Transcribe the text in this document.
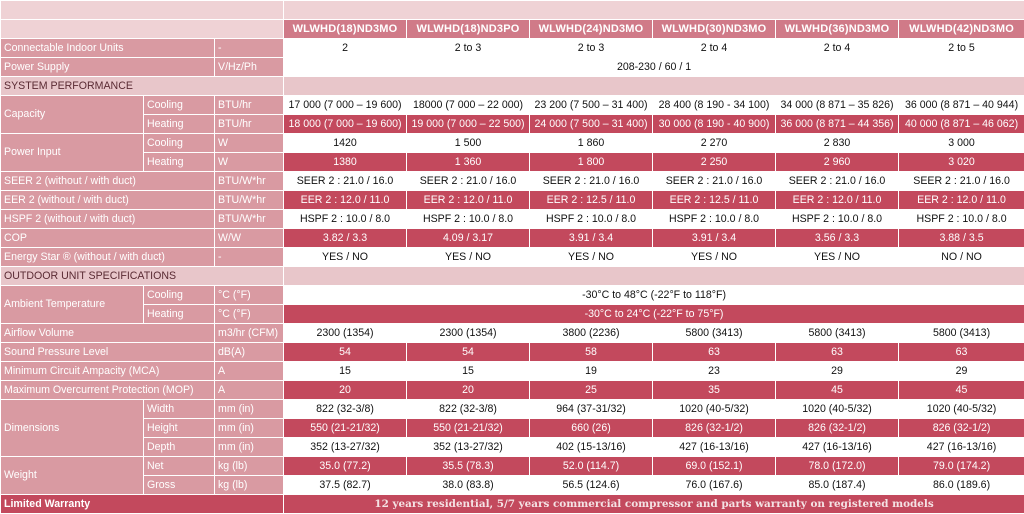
			WLWHD(18)ND3MO	WLWHD(18)ND3PO	WLWHD(24)ND3MO	WLWHD(30)ND3MO	WLWHD(36)ND3MO	WLWHD(42)ND3MO
Connectable Indoor Units		-	2	2 to 3	2 to 3	2 to 4	2 to 4	2 to 5
Power Supply		V/Hz/Ph	208-230 / 60 / 1					
SYSTEM PERFORMANCE								
Capacity	Cooling	BTU/hr	17 000 (7 000 – 19 600)	18000 (7 000 – 22 000)	23 200 (7 500 – 31 400)	28 400 (8 190 - 34 100)	34 000 (8 871 – 35 826)	36 000 (8 871 – 40 944)
	Heating	BTU/hr	18 000 (7 000 – 19 600)	19 000 (7 000 – 22 500)	24 000 (7 500 – 31 400)	30 000 (8 190 - 40 900)	36 000 (8 871 – 44 356)	40 000 (8 871 – 46 062)
Power Input	Cooling	W	1420	1 500	1 860	2 270	2 830	3 000
	Heating	W	1380	1 360	1 800	2 250	2 960	3 020
SEER 2 (without / with duct)		BTU/W*hr	SEER 2 : 21.0 / 16.0	SEER 2 : 21.0 / 16.0	SEER 2 : 21.0 / 16.0	SEER 2 : 21.0 / 16.0	SEER 2 : 21.0 / 16.0	SEER 2 : 21.0 / 16.0
EER 2 (without / with duct)		BTU/W*hr	EER 2 : 12.0 / 11.0	EER 2 : 12.0 / 11.0	EER 2 : 12.5 / 11.0	EER 2 : 12.5 / 11.0	EER 2 : 12.0 / 11.0	EER 2 : 12.0 / 11.0
HSPF 2 (without / with duct)		BTU/W*hr	HSPF 2 : 10.0 / 8.0	HSPF 2 : 10.0 / 8.0	HSPF 2 : 10.0 / 8.0	HSPF 2 : 10.0 / 8.0	HSPF 2 : 10.0 / 8.0	HSPF 2 : 10.0 / 8.0
COP		W/W	3.82 / 3.3	4.09 / 3.17	3.91 / 3.4	3.91 / 3.4	3.56 / 3.3	3.88 / 3.5
Energy Star ® (without / with duct)		-	YES / NO	YES / NO	YES / NO	YES / NO	YES / NO	NO / NO
OUTDOOR UNIT SPECIFICATIONS								
Ambient Temperature	Cooling	°C (°F)	-30°C to 48°C (-22°F to 118°F)					
	Heating	°C (°F)	-30°C to 24°C (-22°F to 75°F)					
Airflow Volume		m3/hr (CFM)	2300 (1354)	2300 (1354)	3800 (2236)	5800 (3413)	5800 (3413)	5800 (3413)
Sound Pressure Level		dB(A)	54	54	58	63	63	63
Minimum Circuit Ampacity (MCA)		A	15	15	19	23	29	29
Maximum Overcurrent Protection (MOP)		A	20	20	25	35	45	45
Dimensions	Width	mm (in)	822 (32-3/8)	822 (32-3/8)	964 (37-31/32)	1020 (40-5/32)	1020 (40-5/32)	1020 (40-5/32)
	Height	mm (in)	550 (21-21/32)	550 (21-21/32)	660 (26)	826 (32-1/2)	826 (32-1/2)	826 (32-1/2)
	Depth	mm (in)	352 (13-27/32)	352 (13-27/32)	402 (15-13/16)	427 (16-13/16)	427 (16-13/16)	427 (16-13/16)
Weight	Net	kg (lb)	35.0 (77.2)	35.5 (78.3)	52.0 (114.7)	69.0 (152.1)	78.0 (172.0)	79.0 (174.2)
	Gross	kg (lb)	37.5 (82.7)	38.0 (83.8)	56.5 (124.6)	76.0 (167.6)	85.0 (187.4)	86.0 (189.6)
Limited Warranty			12 years residential, 5/7 years commercial compressor and parts warranty on registered models					
